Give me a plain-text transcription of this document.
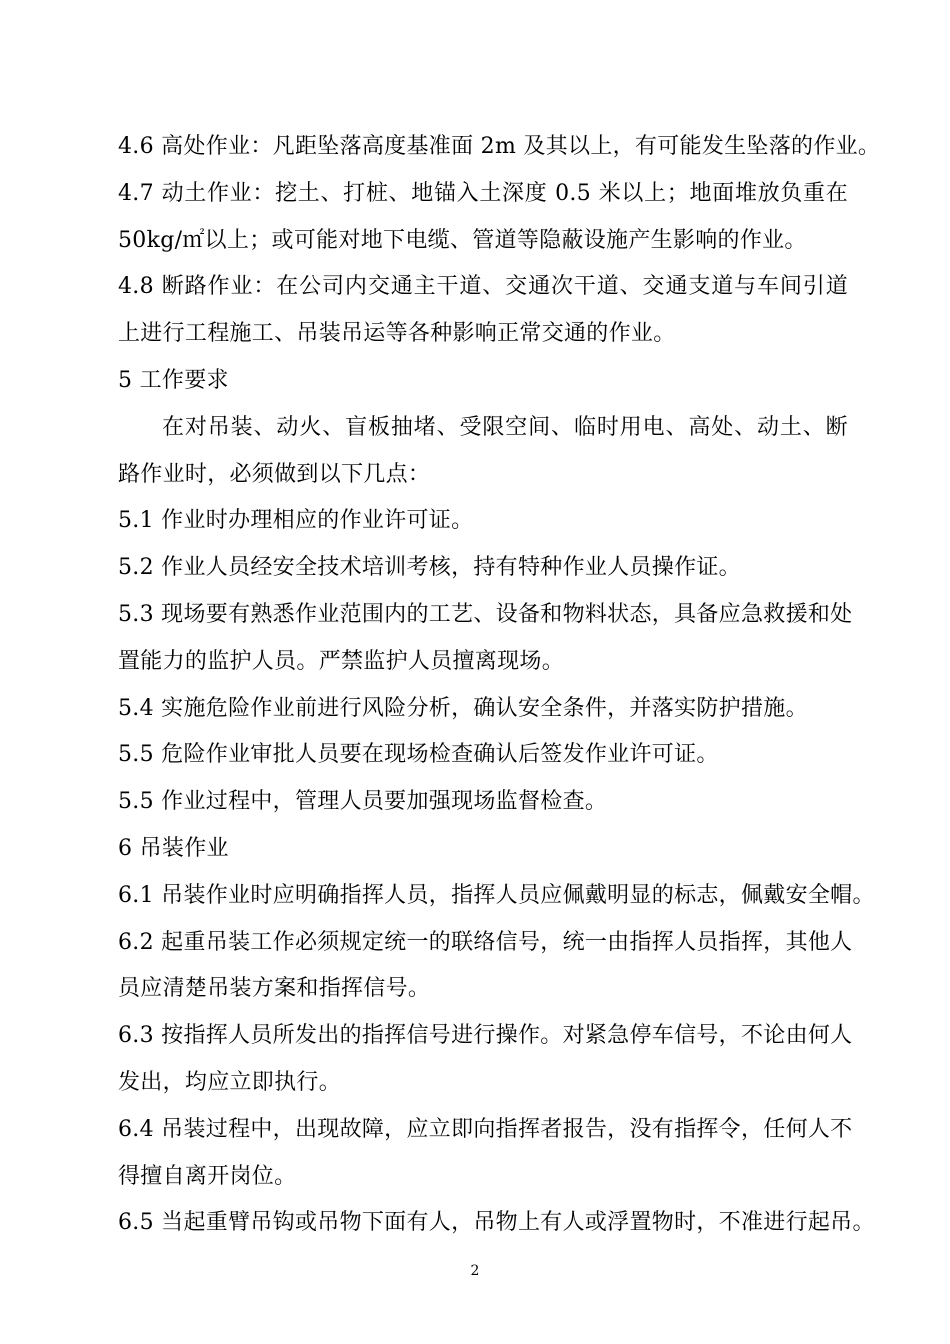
4.6 高处作业：凡距坠落高度基准面 2m 及其以上，有可能发生坠落的作业。
4.7 动土作业：挖土、打桩、地锚入土深度 0.5 米以上；地面堆放负重在
50kg/㎡以上；或可能对地下电缆、管道等隐蔽设施产生影响的作业。
4.8 断路作业：在公司内交通主干道、交通次干道、交通支道与车间引道
上进行工程施工、吊装吊运等各种影响正常交通的作业。
5 工作要求
在对吊装、动火、盲板抽堵、受限空间、临时用电、高处、动土、断
路作业时，必须做到以下几点：
5.1 作业时办理相应的作业许可证。
5.2 作业人员经安全技术培训考核，持有特种作业人员操作证。
5.3 现场要有熟悉作业范围内的工艺、设备和物料状态，具备应急救援和处
置能力的监护人员。严禁监护人员擅离现场。
5.4 实施危险作业前进行风险分析，确认安全条件，并落实防护措施。
5.5 危险作业审批人员要在现场检查确认后签发作业许可证。
5.5 作业过程中，管理人员要加强现场监督检查。
6 吊装作业
6.1 吊装作业时应明确指挥人员，指挥人员应佩戴明显的标志，佩戴安全帽。
6.2 起重吊装工作必须规定统一的联络信号，统一由指挥人员指挥，其他人
员应清楚吊装方案和指挥信号。
6.3 按指挥人员所发出的指挥信号进行操作。对紧急停车信号，不论由何人
发出，均应立即执行。
6.4 吊装过程中，出现故障，应立即向指挥者报告，没有指挥令，任何人不
得擅自离开岗位。
6.5 当起重臂吊钩或吊物下面有人，吊物上有人或浮置物时，不准进行起吊。
2
